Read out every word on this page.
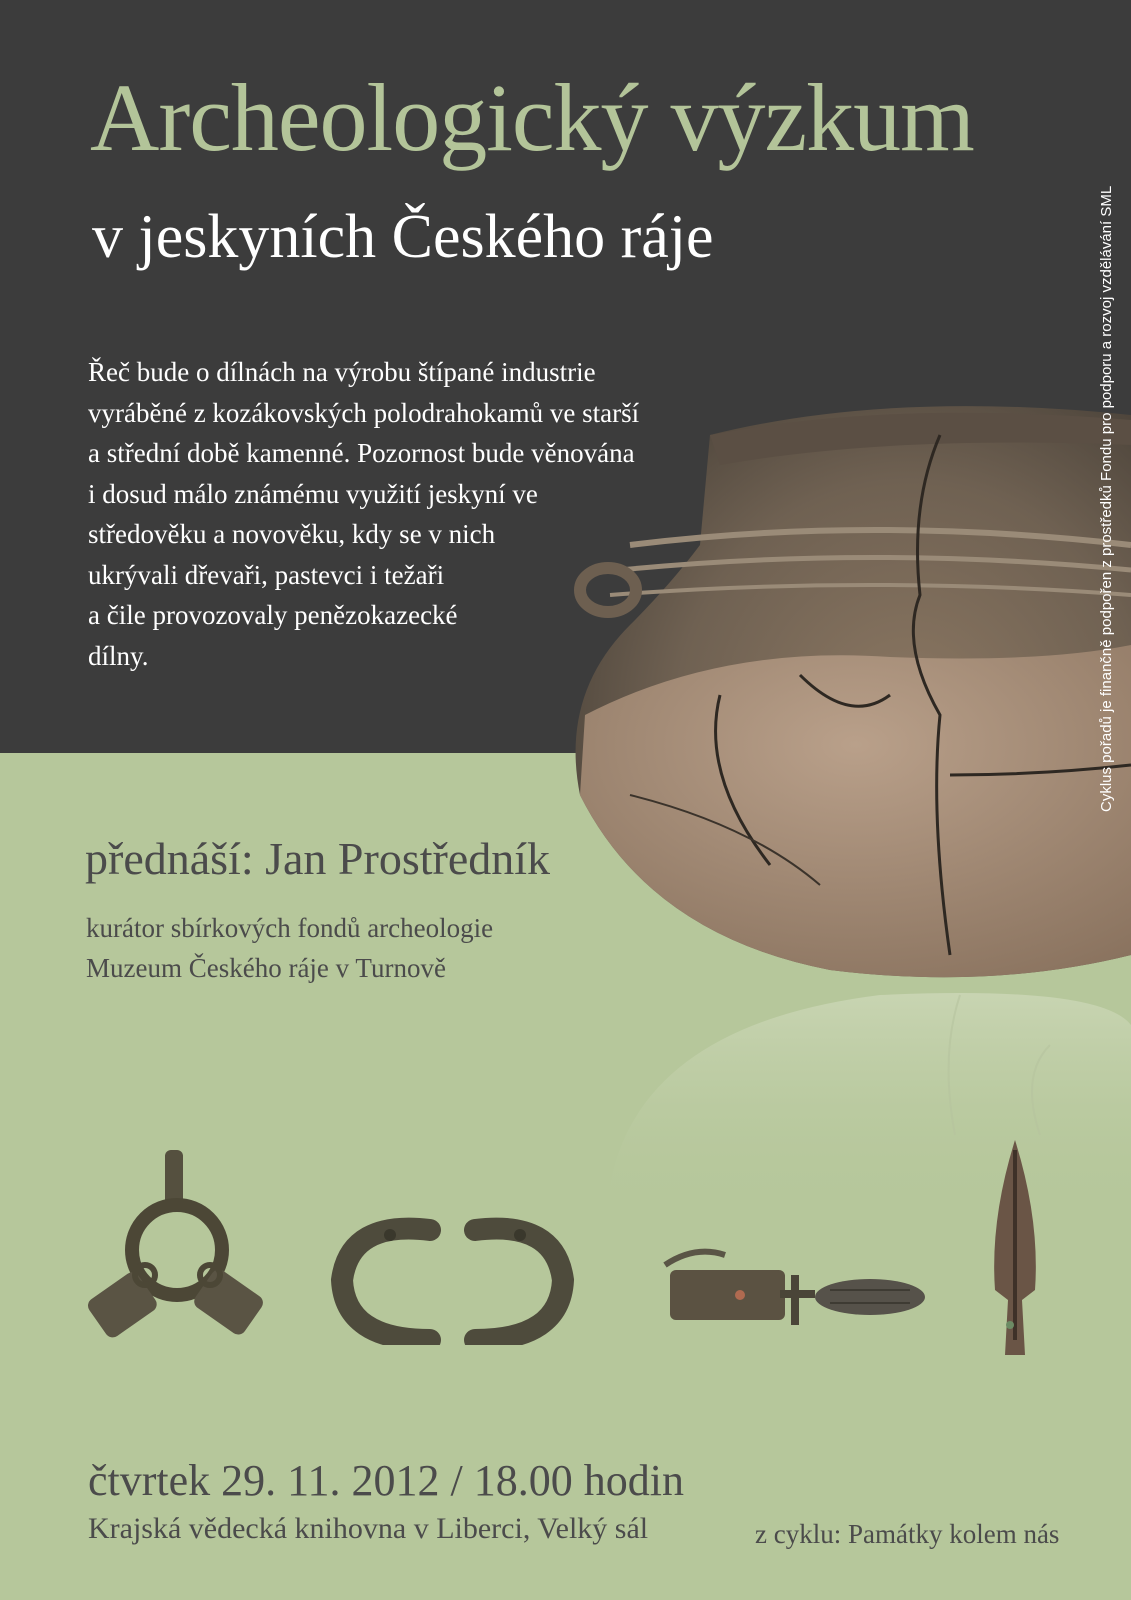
Archeologický výzkum
v jeskyních Českého ráje
Řeč bude o dílnách na výrobu štípané industrie
vyráběné z kozákovských polodrahokamů ve starší
a střední době kamenné. Pozornost bude věnována
i dosud málo známému využití jeskyní ve
středověku a novověku, kdy se v nich
ukrývali dřevaři, pastevci i težaři
a čile provozovaly penězokazecké
dílny.
přednáší: Jan Prostředník
kurátor sbírkových fondů archeologie
Muzeum Českého ráje v Turnově
čtvrtek 29. 11. 2012 / 18.00 hodin
Krajská vědecká knihovna v Liberci, Velký sál	z cyklu: Památky kolem nás
Cyklus pořadů je finančně podpořen z prostředků Fondu pro podporu a rozvoj vzdělávání SML
